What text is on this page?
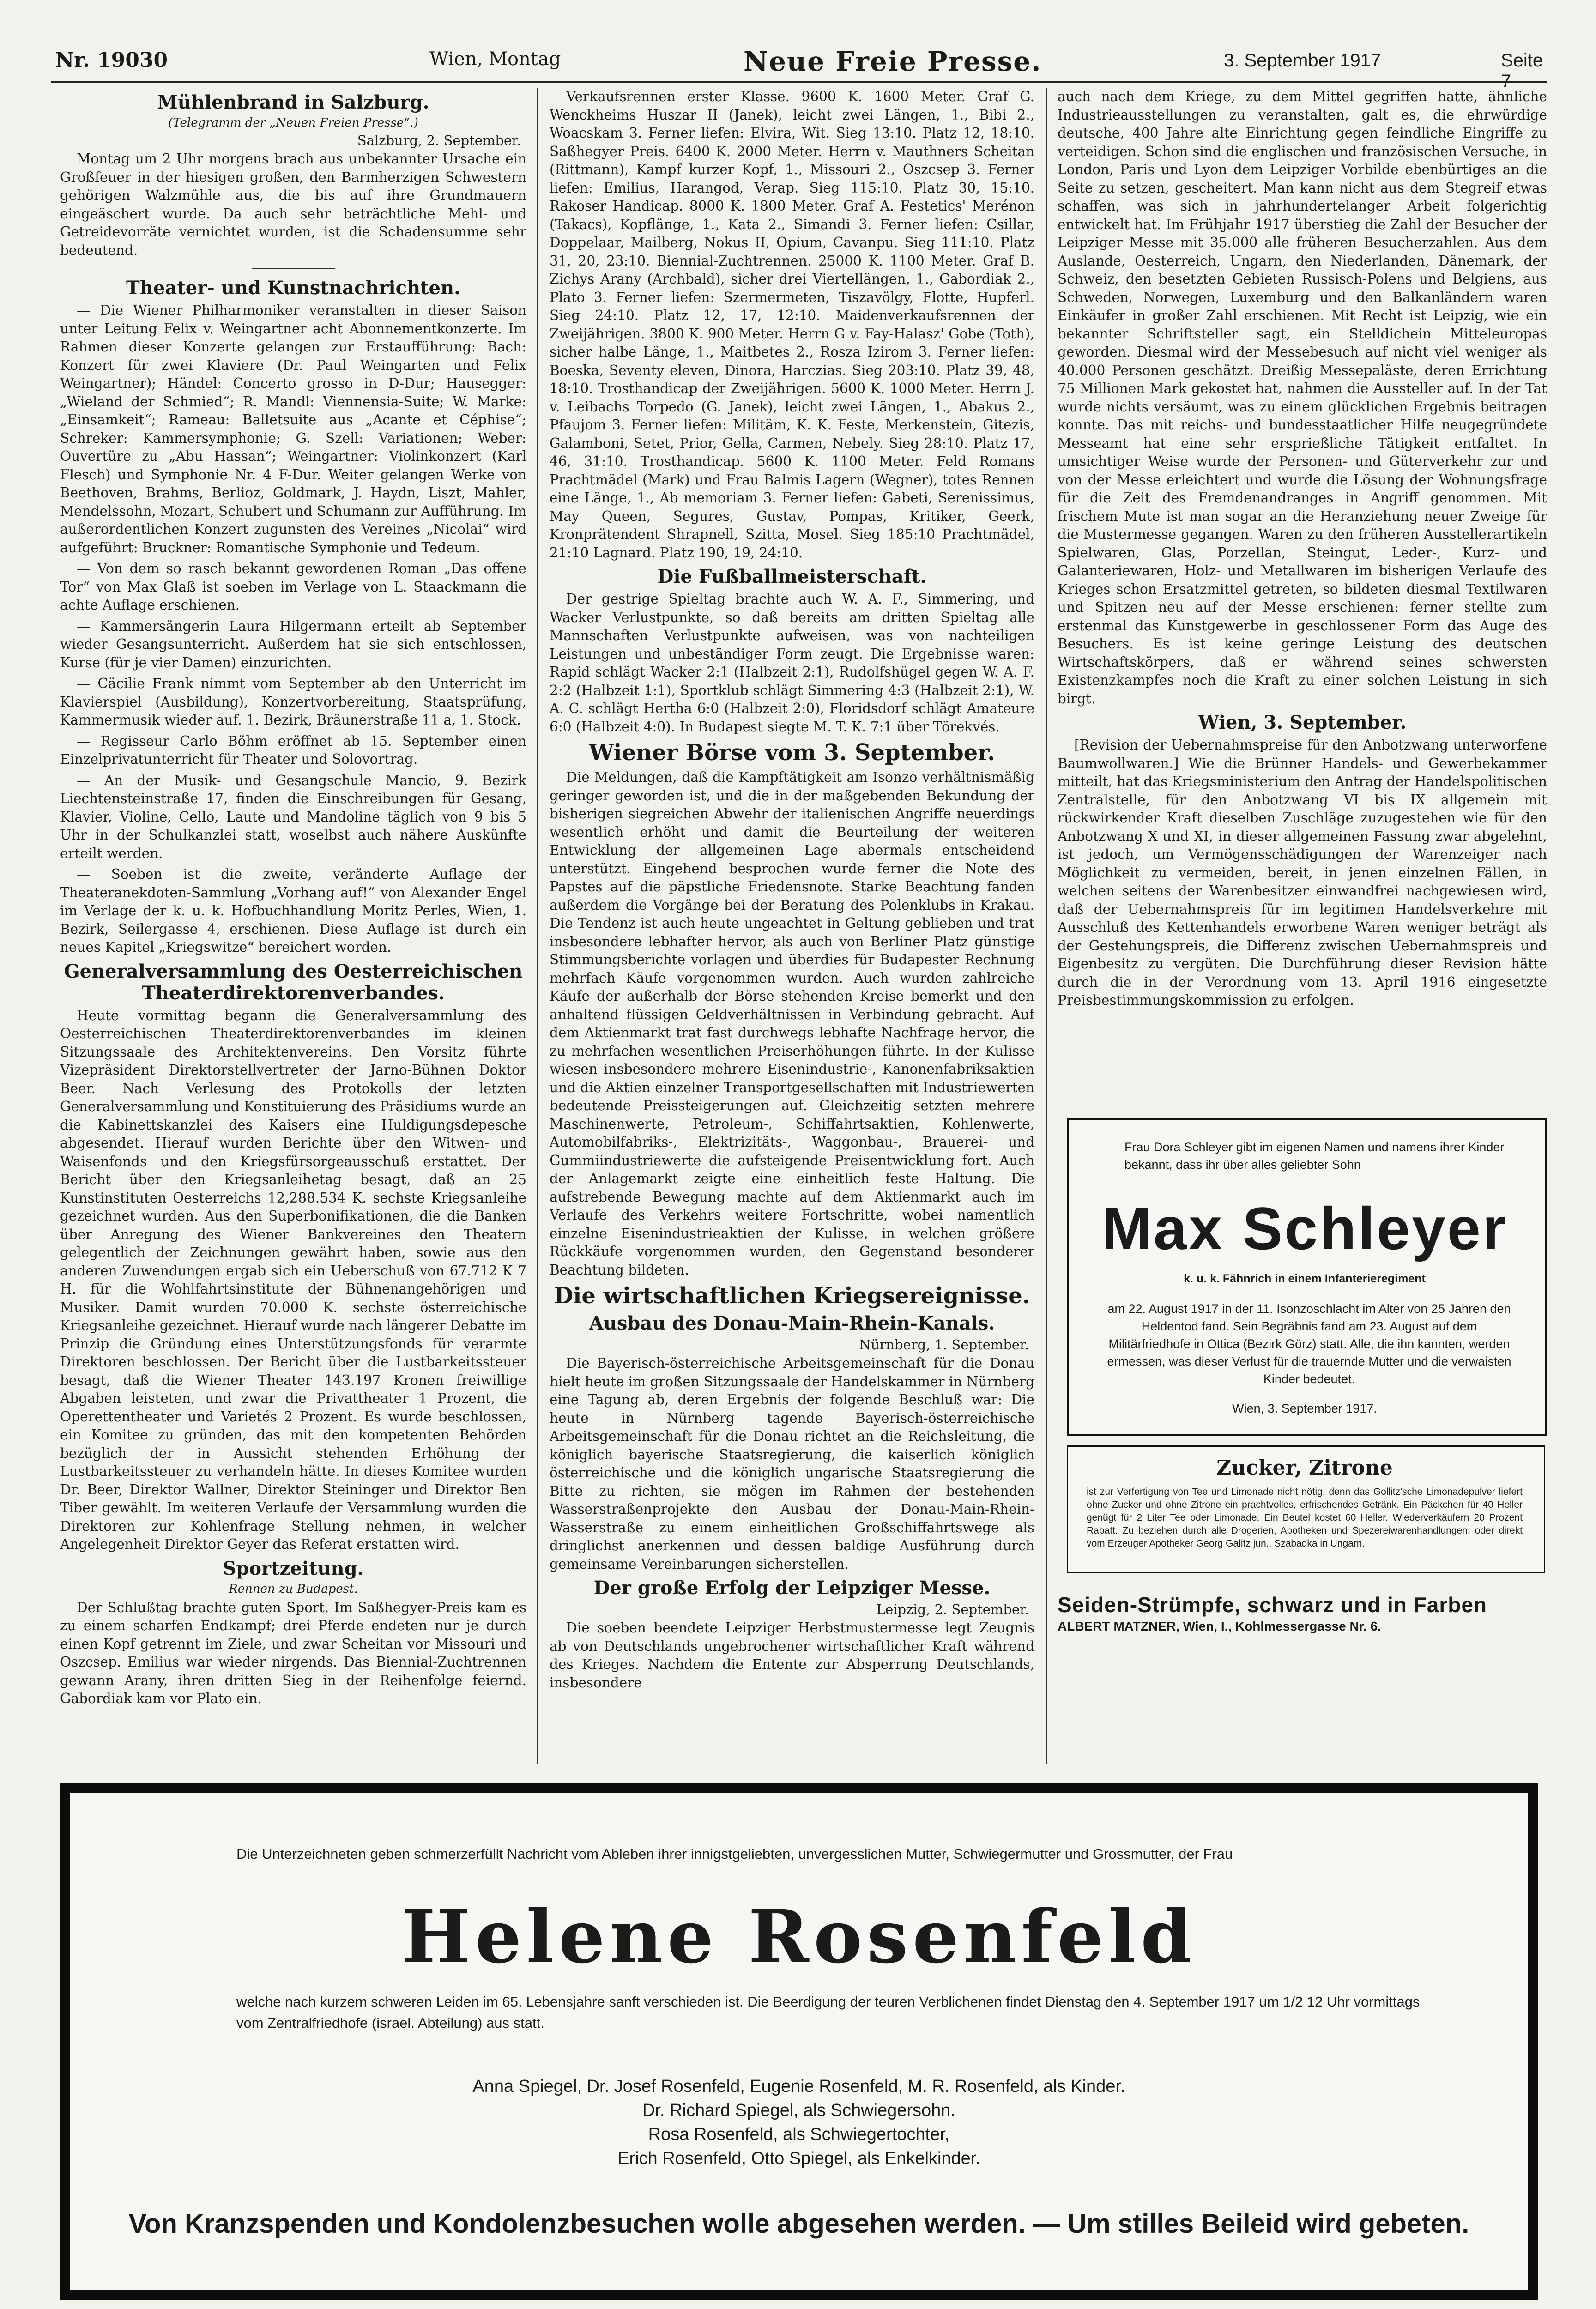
Nr. 19030	Wien, Montag	Neue Freie Presse.	3. September 1917	Seite 7
Mühlenbrand in Salzburg.
(Telegramm der „Neuen Freien Presse“.)
Salzburg, 2. September.

Montag um 2 Uhr morgens brach aus unbekannter Ursache ein Großfeuer in der hiesigen großen, den Barmherzigen Schwestern gehörigen Walzmühle aus, die bis auf ihre Grundmauern eingeäschert wurde. Da auch sehr beträchtliche Mehl- und Getreidevorräte vernichtet wurden, ist die Schadensumme sehr bedeutend.

Theater- und Kunstnachrichten.

— Die Wiener Philharmoniker veranstalten in dieser Saison unter Leitung Felix v. Weingartner acht Abonnementkonzerte. Im Rahmen dieser Konzerte gelangen zur Erstaufführung: Bach: Konzert für zwei Klaviere (Dr. Paul Weingarten und Felix Weingartner); Händel: Concerto grosso in D-Dur; Hausegger: „Wieland der Schmied“; R. Mandl: Viennensia-Suite; W. Marke: „Einsamkeit“; Rameau: Balletsuite aus „Acante et Céphise“; Schreker: Kammersymphonie; G. Szell: Variationen; Weber: Ouvertüre zu „Abu Hassan“; Weingartner: Violinkonzert (Karl Flesch) und Symphonie Nr. 4 F-Dur. Weiter gelangen Werke von Beethoven, Brahms, Berlioz, Goldmark, J. Haydn, Liszt, Mahler, Mendelssohn, Mozart, Schubert und Schumann zur Aufführung. Im außerordentlichen Konzert zugunsten des Vereines „Nicolai“ wird aufgeführt: Bruckner: Romantische Symphonie und Tedeum.

— Von dem so rasch bekannt gewordenen Roman „Das offene Tor“ von Max Glaß ist soeben im Verlage von L. Staackmann die achte Auflage erschienen.

— Kammersängerin Laura Hilgermann erteilt ab September wieder Gesangsunterricht. Außerdem hat sie sich entschlossen, Kurse (für je vier Damen) einzurichten.

— Cäcilie Frank nimmt vom September ab den Unterricht im Klavierspiel (Ausbildung), Konzertvorbereitung, Staatsprüfung, Kammermusik wieder auf. 1. Bezirk, Bräunerstraße 11 a, 1. Stock.

— Regisseur Carlo Böhm eröffnet ab 15. September einen Einzelprivatunterricht für Theater und Solovortrag.

— An der Musik- und Gesangschule Mancio, 9. Bezirk Liechtensteinstraße 17, finden die Einschreibungen für Gesang, Klavier, Violine, Cello, Laute und Mandoline täglich von 9 bis 5 Uhr in der Schulkanzlei statt, woselbst auch nähere Auskünfte erteilt werden.

— Soeben ist die zweite, veränderte Auflage der Theateranekdoten-Sammlung „Vorhang auf!“ von Alexander Engel im Verlage der k. u. k. Hofbuchhandlung Moritz Perles, Wien, 1. Bezirk, Seilergasse 4, erschienen. Diese Auflage ist durch ein neues Kapitel „Kriegswitze“ bereichert worden.

Generalversammlung des Oesterreichischen Theaterdirektorenverbandes.

Heute vormittag begann die Generalversammlung des Oesterreichischen Theaterdirektorenverbandes im kleinen Sitzungssaale des Architektenvereins. Den Vorsitz führte Vizepräsident Direktorstellvertreter der Jarno-Bühnen Doktor Beer. Nach Verlesung des Protokolls der letzten Generalversammlung und Konstituierung des Präsidiums wurde an die Kabinettskanzlei des Kaisers eine Huldigungsdepesche abgesendet. Hierauf wurden Berichte über den Witwen- und Waisenfonds und den Kriegsfürsorgeausschuß erstattet. Der Bericht über den Kriegsanleihetag besagt, daß an 25 Kunstinstituten Oesterreichs 12,288.534 K. sechste Kriegsanleihe gezeichnet wurden. Aus den Superbonifikationen, die die Banken über Anregung des Wiener Bankvereines den Theatern gelegentlich der Zeichnungen gewährt haben, sowie aus den anderen Zuwendungen ergab sich ein Ueberschuß von 67.712 K 7 H. für die Wohlfahrtsinstitute der Bühnenangehörigen und Musiker. Damit wurden 70.000 K. sechste österreichische Kriegsanleihe gezeichnet. Hierauf wurde nach längerer Debatte im Prinzip die Gründung eines Unterstützungsfonds für verarmte Direktoren beschlossen. Der Bericht über die Lustbarkeitssteuer besagt, daß die Wiener Theater 143.197 Kronen freiwillige Abgaben leisteten, und zwar die Privattheater 1 Prozent, die Operettentheater und Varietés 2 Prozent. Es wurde beschlossen, ein Komitee zu gründen, das mit den kompetenten Behörden bezüglich der in Aussicht stehenden Erhöhung der Lustbarkeitssteuer zu verhandeln hätte. In dieses Komitee wurden Dr. Beer, Direktor Wallner, Direktor Steininger und Direktor Ben Tiber gewählt. Im weiteren Verlaufe der Versammlung wurden die Direktoren zur Kohlenfrage Stellung nehmen, in welcher Angelegenheit Direktor Geyer das Referat erstatten wird.

Sportzeitung.
Rennen zu Budapest.

Der Schlußtag brachte guten Sport. Im Saßhegyer-Preis kam es zu einem scharfen Endkampf; drei Pferde endeten nur je durch einen Kopf getrennt im Ziele, und zwar Scheitan vor Missouri und Oszcsep. Emilius war wieder nirgends. Das Biennial-Zuchtrennen gewann Arany, ihren dritten Sieg in der Reihenfolge feiernd. Gabordiak kam vor Plato ein.

Verkaufsrennen erster Klasse. 9600 K. 1600 Meter. Graf G. Wenckheims Huszar II (Janek), leicht zwei Längen, 1., Bibi 2., Woacskam 3. Ferner liefen: Elvira, Wit. Sieg 13:10. Platz 12, 18:10. Saßhegyer Preis. 6400 K. 2000 Meter. Herrn v. Mauthners Scheitan (Rittmann), Kampf kurzer Kopf, 1., Missouri 2., Oszcsep 3. Ferner liefen: Emilius, Harangod, Verap. Sieg 115:10. Platz 30, 15:10. Rakoser Handicap. 8000 K. 1800 Meter. Graf A. Festetics' Merénon (Takacs), Kopflänge, 1., Kata 2., Simandi 3. Ferner liefen: Csillar, Doppelaar, Mailberg, Nokus II, Opium, Cavanpu. Sieg 111:10. Platz 31, 20, 23:10. Biennial-Zuchtrennen. 25000 K. 1100 Meter. Graf B. Zichys Arany (Archbald), sicher drei Viertellängen, 1., Gabordiak 2., Plato 3. Ferner liefen: Szermermeten, Tiszavölgy, Flotte, Hupferl. Sieg 24:10. Platz 12, 17, 12:10. Maidenverkaufsrennen der Zweijährigen. 3800 K. 900 Meter. Herrn G v. Fay-Halasz' Gobe (Toth), sicher halbe Länge, 1., Maitbetes 2., Rosza Izirom 3. Ferner liefen: Boeska, Seventy eleven, Dinora, Harczias. Sieg 203:10. Platz 39, 48, 18:10. Trosthandicap der Zweijährigen. 5600 K. 1000 Meter. Herrn J. v. Leibachs Torpedo (G. Janek), leicht zwei Längen, 1., Abakus 2., Pfaujom 3. Ferner liefen: Militäm, K. K. Feste, Merkenstein, Gitezis, Galamboni, Setet, Prior, Gella, Carmen, Nebely. Sieg 28:10. Platz 17, 46, 31:10. Trosthandicap. 5600 K. 1100 Meter. Feld Romans Prachtmädel (Mark) und Frau Balmis Lagern (Wegner), totes Rennen eine Länge, 1., Ab memoriam 3. Ferner liefen: Gabeti, Serenissimus, May Queen, Segures, Gustav, Pompas, Kritiker, Geerk, Kronprätendent Shrapnell, Szitta, Mosel. Sieg 185:10 Prachtmädel, 21:10 Lagnard. Platz 190, 19, 24:10.

Die Fußballmeisterschaft.

Der gestrige Spieltag brachte auch W. A. F., Simmering, und Wacker Verlustpunkte, so daß bereits am dritten Spieltag alle Mannschaften Verlustpunkte aufweisen, was von nachteiligen Leistungen und unbeständiger Form zeugt. Die Ergebnisse waren: Rapid schlägt Wacker 2:1 (Halbzeit 2:1), Rudolfshügel gegen W. A. F. 2:2 (Halbzeit 1:1), Sportklub schlägt Simmering 4:3 (Halbzeit 2:1), W. A. C. schlägt Hertha 6:0 (Halbzeit 2:0), Floridsdorf schlägt Amateure 6:0 (Halbzeit 4:0). In Budapest siegte M. T. K. 7:1 über Törekvés.

Wiener Börse vom 3. September.

Die Meldungen, daß die Kampftätigkeit am Isonzo verhältnismäßig geringer geworden ist, und die in der maßgebenden Bekundung der bisherigen siegreichen Abwehr der italienischen Angriffe neuerdings wesentlich erhöht und damit die Beurteilung der weiteren Entwicklung der allgemeinen Lage abermals entscheidend unterstützt. Eingehend besprochen wurde ferner die Note des Papstes auf die päpstliche Friedensnote. Starke Beachtung fanden außerdem die Vorgänge bei der Beratung des Polenklubs in Krakau. Die Tendenz ist auch heute ungeachtet in Geltung geblieben und trat insbesondere lebhafter hervor, als auch von Berliner Platz günstige Stimmungsberichte vorlagen und überdies für Budapester Rechnung mehrfach Käufe vorgenommen wurden. Auch wurden zahlreiche Käufe der außerhalb der Börse stehenden Kreise bemerkt und den anhaltend flüssigen Geldverhältnissen in Verbindung gebracht. Auf dem Aktienmarkt trat fast durchwegs lebhafte Nachfrage hervor, die zu mehrfachen wesentlichen Preiserhöhungen führte. In der Kulisse wiesen insbesondere mehrere Eisenindustrie-, Kanonenfabriksaktien und die Aktien einzelner Transportgesellschaften mit Industriewerten bedeutende Preissteigerungen auf. Gleichzeitig setzten mehrere Maschinenwerte, Petroleum-, Schiffahrtsaktien, Kohlenwerte, Automobilfabriks-, Elektrizitäts-, Waggonbau-, Brauerei- und Gummiindustriewerte die aufsteigende Preisentwicklung fort. Auch der Anlagemarkt zeigte eine einheitlich feste Haltung. Die aufstrebende Bewegung machte auf dem Aktienmarkt auch im Verlaufe des Verkehrs weitere Fortschritte, wobei namentlich einzelne Eisenindustrieaktien der Kulisse, in welchen größere Rückkäufe vorgenommen wurden, den Gegenstand besonderer Beachtung bildeten.

Die wirtschaftlichen Kriegsereignisse.
Ausbau des Donau-Main-Rhein-Kanals.
Nürnberg, 1. September.

Die Bayerisch-österreichische Arbeitsgemeinschaft für die Donau hielt heute im großen Sitzungssaale der Handelskammer in Nürnberg eine Tagung ab, deren Ergebnis der folgende Beschluß war: Die heute in Nürnberg tagende Bayerisch-österreichische Arbeitsgemeinschaft für die Donau richtet an die Reichsleitung, die königlich bayerische Staatsregierung, die kaiserlich königlich österreichische und die königlich ungarische Staatsregierung die Bitte zu richten, sie mögen im Rahmen der bestehenden Wasserstraßenprojekte den Ausbau der Donau-Main-Rhein-Wasserstraße zu einem einheitlichen Großschiffahrtswege als dringlichst anerkennen und dessen baldige Ausführung durch gemeinsame Vereinbarungen sicherstellen.

Der große Erfolg der Leipziger Messe.
Leipzig, 2. September.

Die soeben beendete Leipziger Herbstmustermesse legt Zeugnis ab von Deutschlands ungebrochener wirtschaftlicher Kraft während des Krieges. Nachdem die Entente zur Absperrung Deutschlands, insbesondere

auch nach dem Kriege, zu dem Mittel gegriffen hatte, ähnliche Industrieausstellungen zu veranstalten, galt es, die ehrwürdige deutsche, 400 Jahre alte Einrichtung gegen feindliche Eingriffe zu verteidigen. Schon sind die englischen und französischen Versuche, in London, Paris und Lyon dem Leipziger Vorbilde ebenbürtiges an die Seite zu setzen, gescheitert. Man kann nicht aus dem Stegreif etwas schaffen, was sich in jahrhundertelanger Arbeit folgerichtig entwickelt hat. Im Frühjahr 1917 überstieg die Zahl der Besucher der Leipziger Messe mit 35.000 alle früheren Besucherzahlen. Aus dem Auslande, Oesterreich, Ungarn, den Niederlanden, Dänemark, der Schweiz, den besetzten Gebieten Russisch-Polens und Belgiens, aus Schweden, Norwegen, Luxemburg und den Balkanländern waren Einkäufer in großer Zahl erschienen. Mit Recht ist Leipzig, wie ein bekannter Schriftsteller sagt, ein Stelldichein Mitteleuropas geworden. Diesmal wird der Messebesuch auf nicht viel weniger als 40.000 Personen geschätzt. Dreißig Messepaläste, deren Errichtung 75 Millionen Mark gekostet hat, nahmen die Aussteller auf. In der Tat wurde nichts versäumt, was zu einem glücklichen Ergebnis beitragen konnte. Das mit reichs- und bundesstaatlicher Hilfe neugegründete Messeamt hat eine sehr ersprießliche Tätigkeit entfaltet. In umsichtiger Weise wurde der Personen- und Güterverkehr zur und von der Messe erleichtert und wurde die Lösung der Wohnungsfrage für die Zeit des Fremdenandranges in Angriff genommen. Mit frischem Mute ist man sogar an die Heranziehung neuer Zweige für die Mustermesse gegangen. Waren zu den früheren Ausstellerartikeln Spielwaren, Glas, Porzellan, Steingut, Leder-, Kurz- und Galanteriewaren, Holz- und Metallwaren im bisherigen Verlaufe des Krieges schon Ersatzmittel getreten, so bildeten diesmal Textilwaren und Spitzen neu auf der Messe erschienen: ferner stellte zum erstenmal das Kunstgewerbe in geschlossener Form das Auge des Besuchers. Es ist keine geringe Leistung des deutschen Wirtschaftskörpers, daß er während seines schwersten Existenzkampfes noch die Kraft zu einer solchen Leistung in sich birgt.

Wien, 3. September.

[Revision der Uebernahmspreise für den Anbotzwang unterworfene Baumwollwaren.] Wie die Brünner Handels- und Gewerbekammer mitteilt, hat das Kriegsministerium den Antrag der Handelspolitischen Zentralstelle, für den Anbotzwang VI bis IX allgemein mit rückwirkender Kraft dieselben Zuschläge zuzugestehen wie für den Anbotzwang X und XI, in dieser allgemeinen Fassung zwar abgelehnt, ist jedoch, um Vermögensschädigungen der Warenzeiger nach Möglichkeit zu vermeiden, bereit, in jenen einzelnen Fällen, in welchen seitens der Warenbesitzer einwandfrei nachgewiesen wird, daß der Uebernahmspreis für im legitimen Handelsverkehre mit Ausschluß des Kettenhandels erworbene Waren weniger beträgt als der Gestehungspreis, die Differenz zwischen Uebernahmspreis und Eigenbesitz zu vergüten. Die Durchführung dieser Revision hätte durch die in der Verordnung vom 13. April 1916 eingesetzte Preisbestimmungskommission zu erfolgen.

Frau Dora Schleyer gibt im eigenen Namen und namens ihrer Kinder bekannt, dass ihr über alles geliebter Sohn
Max Schleyer
k. u. k. Fähnrich in einem Infanterieregiment
am 22. August 1917 in der 11. Isonzoschlacht im Alter von 25 Jahren den Heldentod fand. Sein Begräbnis fand am 23. August auf dem Militärfriedhofe in Ottica (Bezirk Görz) statt. Alle, die ihn kannten, werden ermessen, was dieser Verlust für die trauernde Mutter und die verwaisten Kinder bedeutet.
Wien, 3. September 1917.
Zucker, Zitrone
ist zur Verfertigung von Tee und Limonade nicht nötig, denn das Gollitz'sche Limonadepulver liefert ohne Zucker und ohne Zitrone ein prachtvolles, erfrischendes Getränk. Ein Päckchen für 40 Heller genügt für 2 Liter Tee oder Limonade. Ein Beutel kostet 60 Heller. Wiederverkäufern 20 Prozent Rabatt. Zu beziehen durch alle Drogerien, Apotheken und Spezereiwarenhandlungen, oder direkt vom Erzeuger Apotheker Georg Galitz jun., Szabadka in Ungarn.
Seiden-Strümpfe, schwarz und in Farben
ALBERT MATZNER, Wien, I., Kohlmessergasse Nr. 6.
Die Unterzeichneten geben schmerzerfüllt Nachricht vom Ableben ihrer innigstgeliebten, unvergesslichen Mutter, Schwiegermutter und Grossmutter, der Frau
Helene Rosenfeld
welche nach kurzem schweren Leiden im 65. Lebensjahre sanft verschieden ist. Die Beerdigung der teuren Verblichenen findet Dienstag den 4. September 1917 um 1/2 12 Uhr vormittags vom Zentralfriedhofe (israel. Abteilung) aus statt.
Anna Spiegel, Dr. Josef Rosenfeld, Eugenie Rosenfeld, M. R. Rosenfeld, als Kinder.
Dr. Richard Spiegel, als Schwiegersohn.
Rosa Rosenfeld, als Schwiegertochter,
Erich Rosenfeld, Otto Spiegel, als Enkelkinder.
Von Kranzspenden und Kondolenzbesuchen wolle abgesehen werden. — Um stilles Beileid wird gebeten.
